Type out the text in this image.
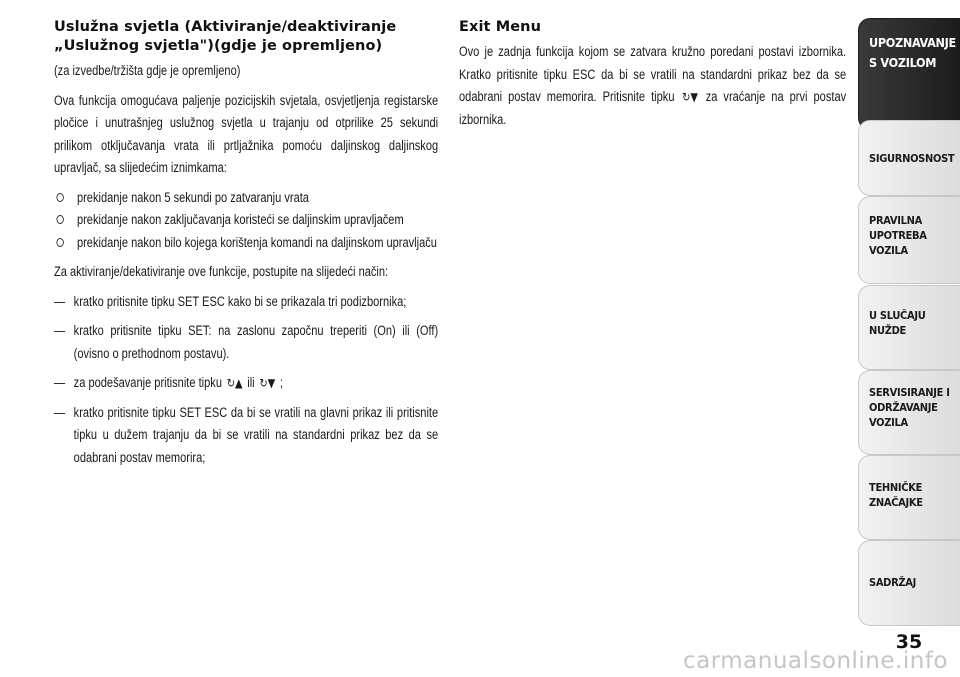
Uslužna svjetla (Aktiviranje/deaktiviranje „Uslužnog svjetla")(gdje je opremljeno)

(za izvedbe/tržišta gdje je opremljeno)

Ova funkcija omogućava paljenje pozicijskih svjetala, osvjetljenja registarske pločice i unutrašnjeg uslužnog svjetla u trajanju od otprilike 25 sekundi prilikom otključavanja vrata ili prtljažnika pomoću daljinskog daljinskog upravljač, sa slijedećim iznimkama:

prekidanje nakon 5 sekundi po zatvaranju vrata
prekidanje nakon zaključavanja koristeći se daljinskim upravljačem
prekidanje nakon bilo kojega korištenja komandi na daljinskom upravljaču

Za aktiviranje/dekativiranje ove funkcije, postupite na slijedeći način:

— kratko pritisnite tipku SET ESC kako bi se prikazala tri podizbornika;

— kratko pritisnite tipku SET: na zaslonu započnu treperiti (On) ili (Off) (ovisno o prethodnom postavu).

— za podešavanje pritisnite tipku ↻▲ ili ↻▼ ;

— kratko pritisnite tipku SET ESC da bi se vratili na glavni prikaz ili pritisnite tipku u dužem trajanju da bi se vratili na standardni prikaz bez da se odabrani postav memorira;

Exit Menu

Ovo je zadnja funkcija kojom se zatvara kružno poredani postavi izbornika. Kratko pritisnite tipku ESC da bi se vratili na standardni prikaz bez da se odabrani postav memorira. Pritisnite tipku ↻▼ za vraćanje na prvi postav izbornika.

UPOZNAVANJE
S VOZILOM
SIGURNOSNOST
PRAVILNA
UPOTREBA
VOZILA
U SLUČAJU
NUŽDE
SERVISIRANJE I
ODRŽAVANJE
VOZILA
TEHNIČKE
ZNAČAJKE
SADRŽAJ
35
carmanualsonline.info
